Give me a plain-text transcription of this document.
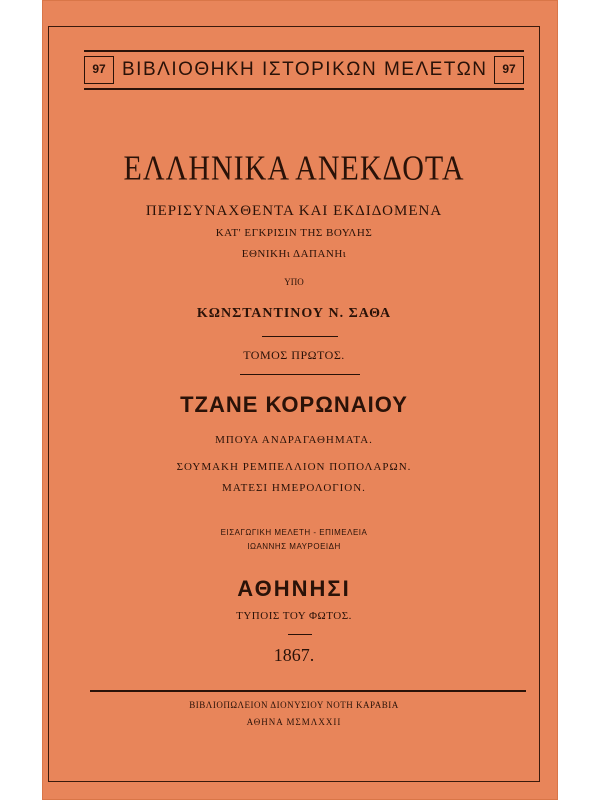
97 ΒΙΒΛΙΟΘΗΚΗ ΙΣΤΟΡΙΚΩΝ ΜΕΛΕΤΩΝ	97
ΕΛΛΗΝΙΚΑ ΑΝΕΚΔΟΤΑ
ΠΕΡΙΣΥΝΑΧΘΕΝΤΑ ΚΑΙ ΕΚΔΙΔΟΜΕΝΑ
ΚΑΤ' ΕΓΚΡΙΣΙΝ ΤΗΣ ΒΟΥΛΗΣ
ΕΘΝΙΚΗι ΔΑΠΑΝΗι
ΥΠΟ
ΚΩΝΣΤΑΝΤΙΝΟΥ Ν. ΣΑΘΑ
ΤΟΜΟΣ ΠΡΩΤΟΣ.
ΤΖΑΝΕ ΚΟΡΩΝΑΙΟΥ
ΜΠΟΥΑ ΑΝΔΡΑΓΑΘΗΜΑΤΑ.
ΣΟΥΜΑΚΗ ΡΕΜΠΕΛΛΙΟΝ ΠΟΠΟΛΑΡΩΝ.
ΜΑΤΕΣΙ ΗΜΕΡΟΛΟΓΙΟΝ.
ΕΙΣΑΓΩΓΙΚΗ ΜΕΛΕΤΗ - ΕΠΙΜΕΛΕΙΑ
ΙΩΑΝΝΗΣ ΜΑΥΡΟΕΙΔΗ
ΑΘΗΝΗΣΙ
ΤΥΠΟΙΣ ΤΟΥ ΦΩΤΟΣ.
1867.
ΒΙΒΛΙΟΠΩΛΕΙΟΝ ΔΙΟΝΥΣΙΟΥ ΝΟΤΗ ΚΑΡΑΒΙΑ
ΑΘΗΝΑ ΜΣΜΛΧΧΙΙ
